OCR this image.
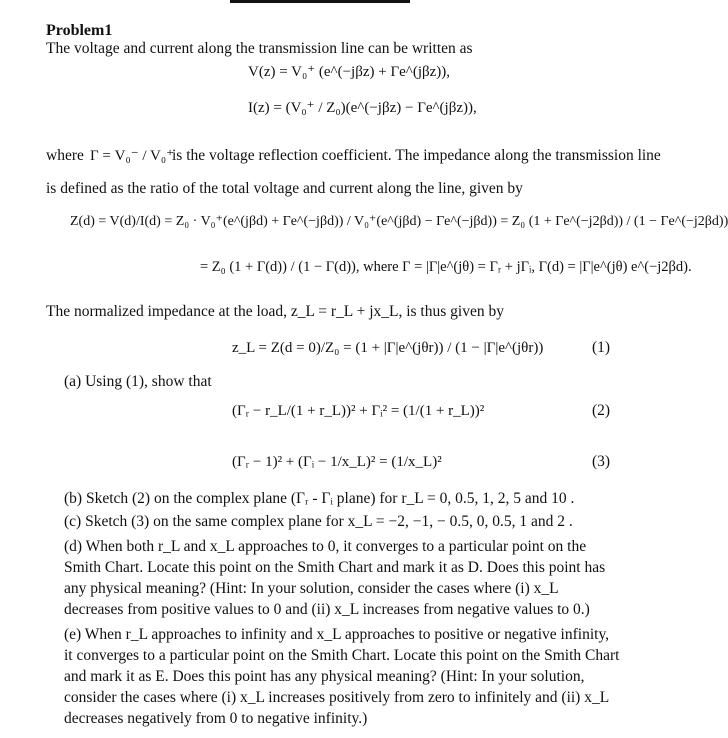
Problem1
The voltage and current along the transmission line can be written as
V(z) = V₀⁺ (e^(−jβz) + Γe^(jβz)),
I(z) = (V₀⁺ / Z₀)(e^(−jβz) − Γe^(jβz)),
where Γ = V₀⁻ / V₀⁺
is the voltage reflection coefficient. The impedance along the transmission line
is defined as the ratio of the total voltage and current along the line, given by
Z(d) = V(d)/I(d) = Z₀ · V₀⁺(e^(jβd) + Γe^(−jβd)) / V₀⁺(e^(jβd) − Γe^(−jβd)) = Z₀ (1 + Γe^(−j2βd)) / (1 − Γe^(−j2βd))
= Z₀ (1 + Γ(d)) / (1 − Γ(d)), where Γ = |Γ|e^(jθ) = Γᵣ + jΓᵢ, Γ(d) = |Γ|e^(jθ) e^(−j2βd).
The normalized impedance at the load, z_L = r_L + jx_L, is thus given by
z_L = Z(d = 0)/Z₀ = (1 + |Γ|e^(jθr)) / (1 − |Γ|e^(jθr))	(1)
(a) Using (1), show that
(Γᵣ − r_L/(1 + r_L))² + Γᵢ² = (1/(1 + r_L))²	(2)
(Γᵣ − 1)² + (Γᵢ − 1/x_L)² = (1/x_L)²	(3)
(b) Sketch (2) on the complex plane (Γᵣ - Γᵢ plane) for r_L = 0, 0.5, 1, 2, 5 and 10 .
(c) Sketch (3) on the same complex plane for x_L = −2, −1, − 0.5, 0, 0.5, 1 and 2 .
(d) When both r_L and x_L approaches to 0, it converges to a particular point on the Smith Chart. Locate this point on the Smith Chart and mark it as D. Does this point has any physical meaning? (Hint: In your solution, consider the cases where (i) x_L decreases from positive values to 0 and (ii) x_L increases from negative values to 0.)
(e) When r_L approaches to infinity and x_L approaches to positive or negative infinity, it converges to a particular point on the Smith Chart. Locate this point on the Smith Chart and mark it as E. Does this point has any physical meaning? (Hint: In your solution, consider the cases where (i) x_L increases positively from zero to infinitely and (ii) x_L decreases negatively from 0 to negative infinity.)
